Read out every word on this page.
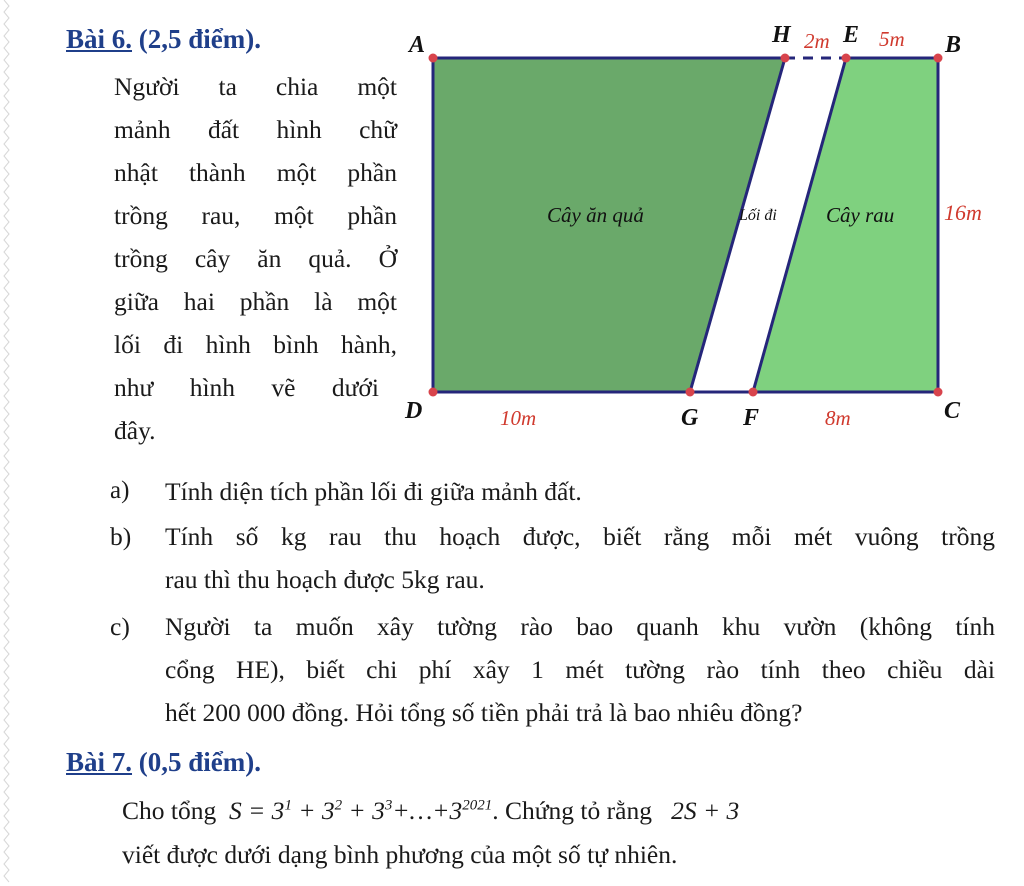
Bài 6. (2,5 điểm).
Người ta chia một
mảnh đất hình chữ
nhật thành một phần
trồng rau, một phần
trồng cây ăn quả. Ở
giữa hai phần là một
lối đi hình bình hành,
như hình vẽ dưới
đây.
A	H E	B
C
D	G F
2m 5m
16m
10m	8m
Cây ăn quả	Lối đi Cây rau
a) Tính diện tích phần lối đi giữa mảnh đất.
b) Tính số kg rau thu hoạch được, biết rằng mỗi mét vuông trồng
rau thì thu hoạch được 5kg rau.
c) Người ta muốn xây tường rào bao quanh khu vườn (không tính
cổng HE), biết chi phí xây 1 mét tường rào tính theo chiều dài
hết 200 000 đồng. Hỏi tổng số tiền phải trả là bao nhiêu đồng?
Bài 7. (0,5 điểm).
Cho tổng  $S = 3^1 + 3^2$ + $3^3+\dots+3^{2021}$. Chứng tỏ rằng   2S + 3
viết được dưới dạng bình phương của một số tự nhiên.
